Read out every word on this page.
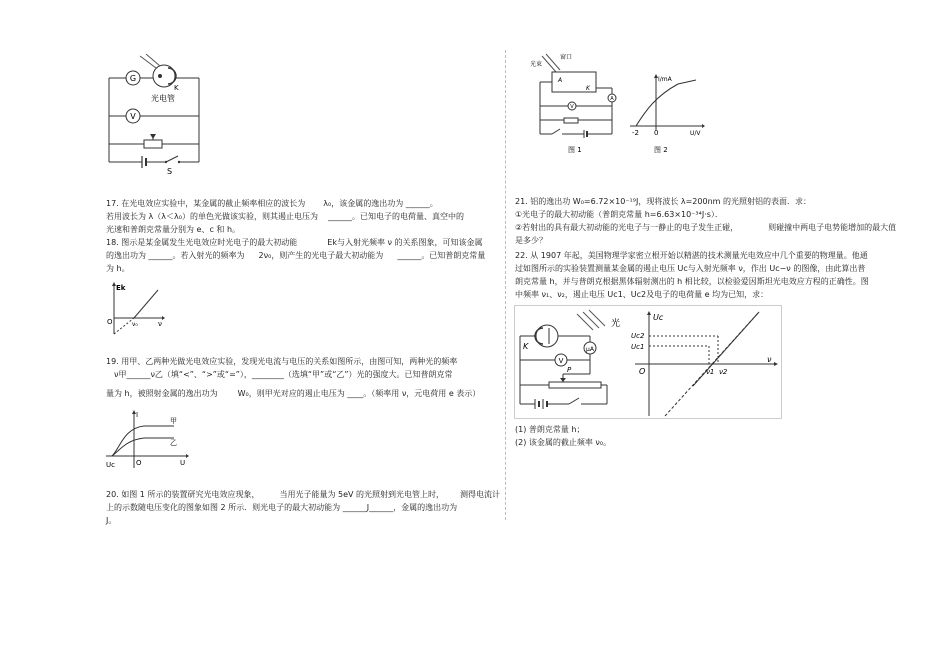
G
V
K
光电管
S
17. 在光电效应实验中，某金属的截止频率相应的波长为 λ₀，该金属的逸出功为 ______。
若用波长为 λ（λ＜λ₀）的单色光做该实验，则其遏止电压为 ______。已知电子的电荷量、真空中的
光速和普朗克常量分别为 e、c 和 h。
18. 图示是某金属发生光电效应时光电子的最大初动能	Ek与入射光频率 ν 的关系图象，可知该金属
的逸出功为 ______。若入射光的频率为 2ν₀，则产生的光电子最大初动能为 ______。已知普朗克常量
为 h。
Ek
O	ν₀	ν
19. 用甲、乙两种光做光电效应实验，发现光电流与电压的关系如图所示，由图可知，两种光的频率
ν甲______ν乙（填“<”、“>”或“=”），________（选填“甲”或“乙”）光的强度大。已知普朗克常
量为 h，被照射金属的逸出功为	W₀，则甲光对应的遏止电压为 ____。（频率用 ν，元电荷用 e 表示）
甲
乙
I
Uc	O	U
20. 如图 1 所示的装置研究光电效应现象，	当用光子能量为 5eV 的光照射到光电管上时， 测得电流计
上的示数随电压变化的图象如图 2 所示．则光电子的最大初动能为 ______J______，金属的逸出功为
J。
窗口
光束
A
K
A
V
图 1
I/mA
-2 0	U/V
图 2
21. 铝的逸出功 W₀=6.72×10⁻¹⁹J，现将波长 λ=200nm 的光照射铝的表面．求：
①光电子的最大初动能（普朗克常量 h=6.63×10⁻³⁴J·s）．
②若射出的具有最大初动能的光电子与一静止的电子发生正碰，	则碰撞中两电子电势能增加的最大值
是多少？
22. 从 1907 年起，美国物理学家密立根开始以精湛的技术测量光电效应中几个重要的物理量。他通
过如图所示的实验装置测量某金属的遏止电压 Uc与入射光频率 ν，作出 Uc−ν 的图像，由此算出普
朗克常量 h，并与普朗克根据黑体辐射测出的 h 相比较，以检验爱因斯坦光电效应方程的正确性。图
中频率 ν₁、ν₂，遏止电压 Uc1、Uc2及电子的电荷量 e 均为已知，求：
光
K	μA
V
P
Uc
Uc2
Uc1
O	ν1 ν2
ν
(1) 普朗克常量 h；
(2) 该金属的截止频率 ν₀。
